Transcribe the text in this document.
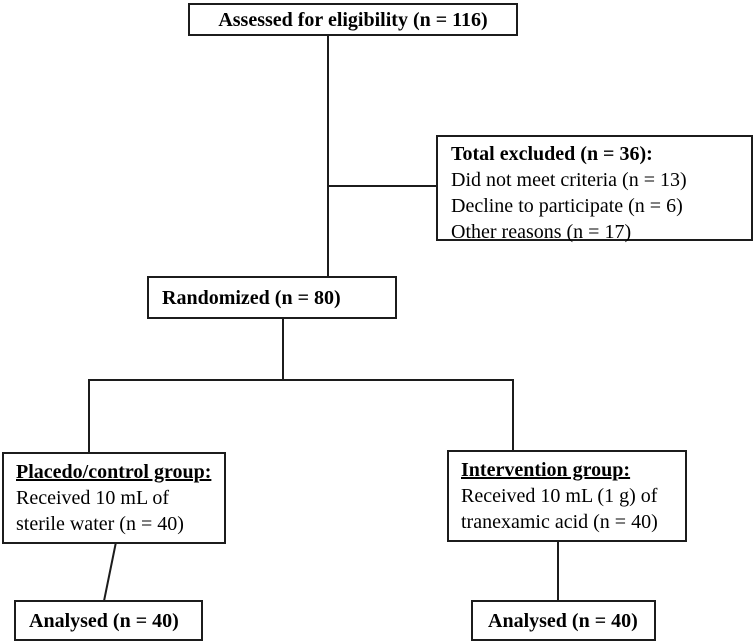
Assessed for eligibility (n = 116)
Total excluded (n = 36):
Did not meet criteria (n = 13)
Decline to participate (n = 6)
Other reasons (n = 17)
Randomized (n = 80)
Placedo/control group:
Received 10 mL of
sterile water (n = 40)
Intervention group:
Received 10 mL (1 g) of
tranexamic acid (n = 40)
Analysed (n = 40)	Analysed (n = 40)
